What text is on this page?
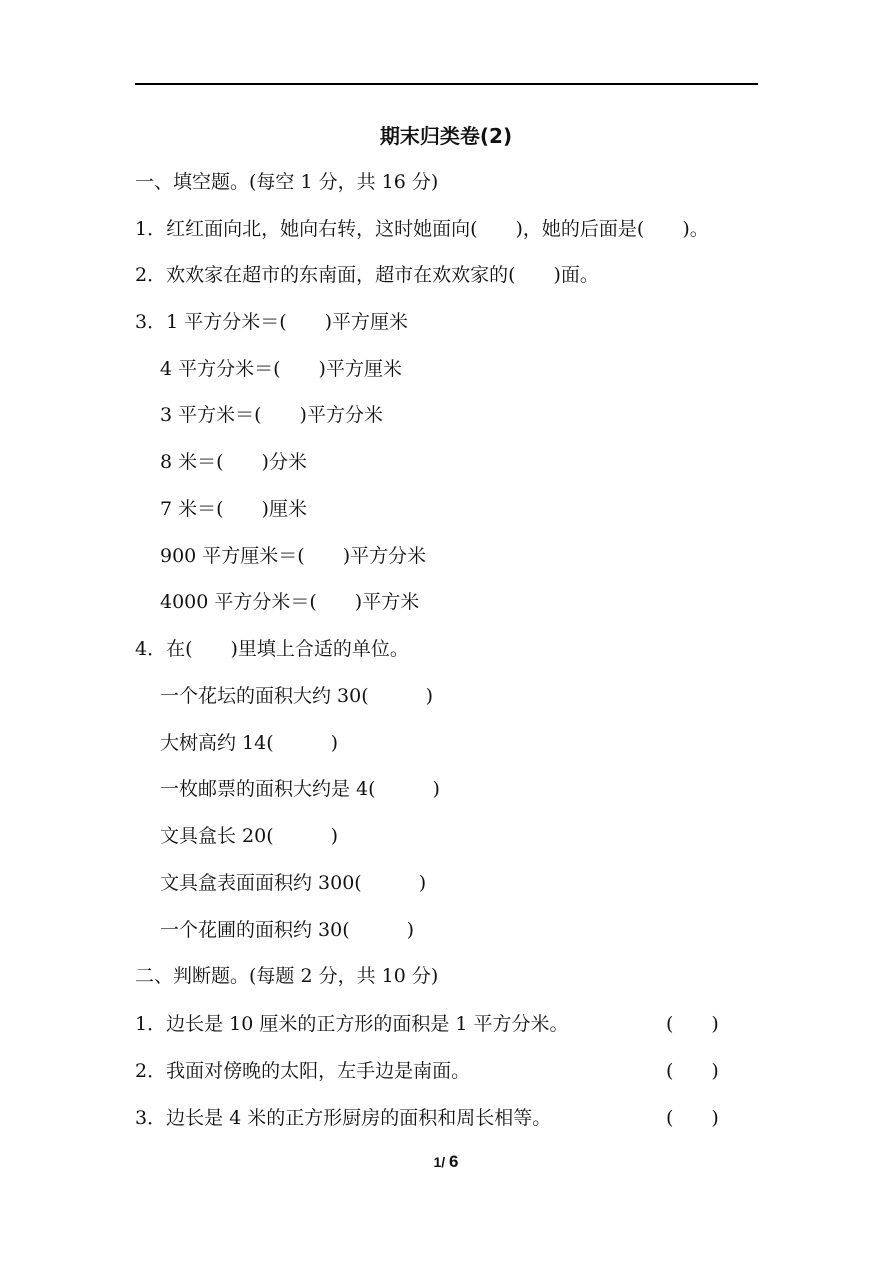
期末归类卷(2)
一、填空题。(每空 1 分，共 16 分)
1．红红面向北，她向右转，这时她面向(　　)，她的后面是(　　)。
2．欢欢家在超市的东南面，超市在欢欢家的(　　)面。
3．1 平方分米＝(　　)平方厘米
4 平方分米＝(　　)平方厘米
3 平方米＝(　　)平方分米
8 米＝(　　)分米
7 米＝(　　)厘米
900 平方厘米＝(　　)平方分米
4000 平方分米＝(　　)平方米
4．在(　　)里填上合适的单位。
一个花坛的面积大约 30(　　　)
大树高约 14(　　　)
一枚邮票的面积大约是 4(　　　)
文具盒长 20(　　　)
文具盒表面面积约 300(　　　)
一个花圃的面积约 30(　　　)
二、判断题。(每题 2 分，共 10 分)
1．边长是 10 厘米的正方形的面积是 1 平方分米。	(　　)
2．我面对傍晚的太阳，左手边是南面。	(　　)
3．边长是 4 米的正方形厨房的面积和周长相等。	(　　)
1/ 6
